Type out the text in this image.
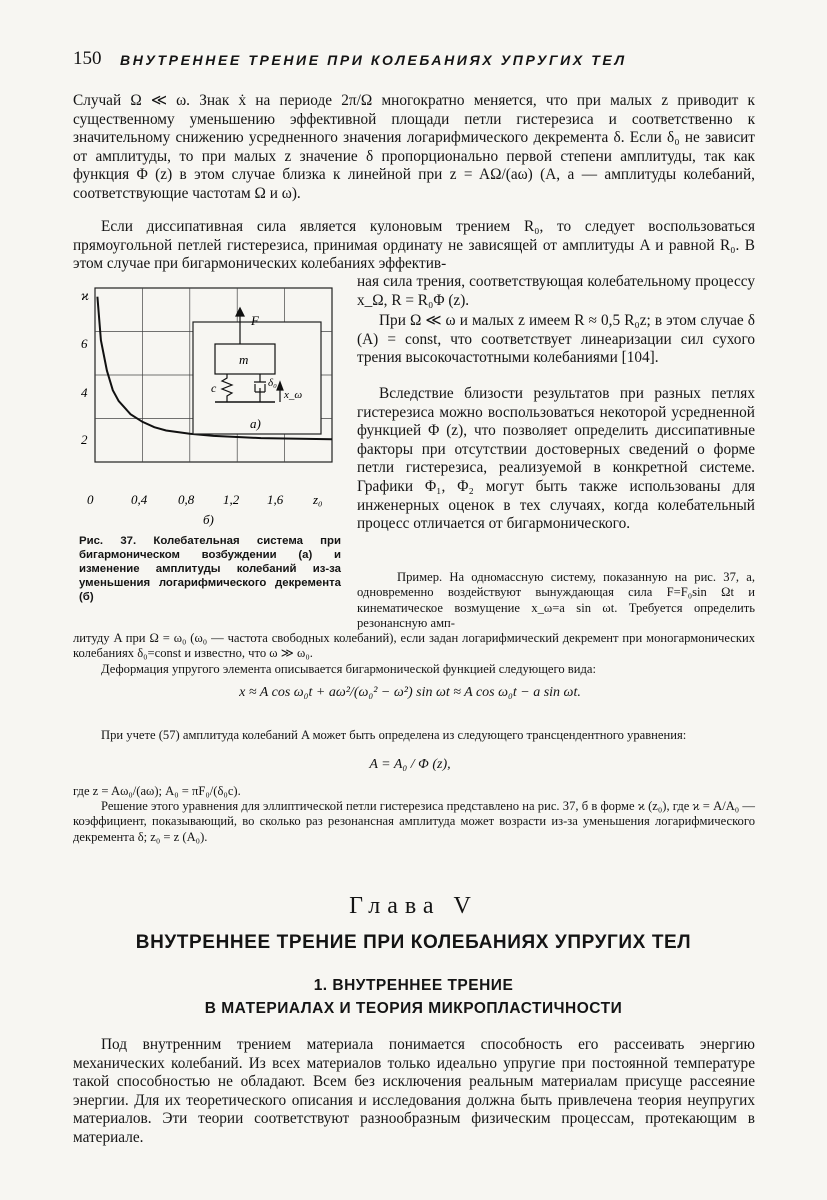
150 ВНУТРЕННЕЕ ТРЕНИЕ ПРИ КОЛЕБАНИЯХ УПРУГИХ ТЕЛ

Случай Ω ≪ ω. Знак ẋ на периоде 2π/Ω многократно меняется, что при малых z приводит к существенному уменьшению эффективной площади петли гистерезиса и соответственно к значительному снижению усредненного значения логарифмического декремента δ. Если δ₀ не зависит от амплитуды, то при малых z значение δ пропорционально первой степени амплитуды, так как функция Φ (z) в этом случае близка к линейной при z = AΩ/(aω) (A, a — амплитуды колебаний, соответствующие частотам Ω и ω).

Если диссипативная сила является кулоновым трением R₀, то следует воспользоваться прямоугольной петлей гистерезиса, принимая ординату не зависящей от амплитуды A и равной R₀. В этом случае при бигармонических колебаниях эффектив-

ная сила трения, соответствующая колебательному процессу x_Ω, R = R₀Φ (z).

При Ω ≪ ω и малых z имеем R ≈ 0,5 R₀z; в этом случае δ (A) = const, что соответствует линеаризации сил сухого трения высокочастотными колебаниями [104].

Вследствие близости результатов при разных петлях гистерезиса можно воспользоваться некоторой усредненной функцией Φ (z), что позволяет определить диссипативные факторы при отсутствии достоверных сведений о форме петли гистерезиса, реализуемой в конкретной системе. Графики Φ₁, Φ₂ могут быть также использованы для инженерных оценок в тех случаях, когда колебательный процесс отличается от бигармонического.

ϰ
6
4
2
0	0,4 0,8 1,2 1,6 z₀
б)
F
m
c	δ₀
x_ω
a)
Рис. 37. Колебательная система при бигармоническом возбуждении (a) и изменение амплитуды колебаний из-за уменьшения логарифмического декремента (б)

Пример. На одномассную систему, показанную на рис. 37, a, одновременно воздействуют вынуждающая сила F=F₀sin Ωt и кинематическое возмущение x_ω=a sin ωt. Требуется определить резонансную амп-

литуду A при Ω = ω₀ (ω₀ — частота свободных колебаний), если задан логарифмический декремент при моногармонических колебаниях δ₀=const и известно, что ω ≫ ω₀.

Деформация упругого элемента описывается бигармонической функцией следующего вида:

x ≈ A cos ω₀t + aω²/(ω₀² − ω²) sin ωt ≈ A cos ω₀t − a sin ωt.

При учете (57) амплитуда колебаний A может быть определена из следующего трансцендентного уравнения:

A = A₀ / Φ (z),

где z = Aω₀/(aω); A₀ = πF₀/(δ₀c).

Решение этого уравнения для эллиптической петли гистерезиса представлено на рис. 37, б в форме ϰ (z₀), где ϰ = A/A₀ — коэффициент, показывающий, во сколько раз резонансная амплитуда может возрасти из-за уменьшения логарифмического декремента δ; z₀ = z (A₀).

Глава V
ВНУТРЕННЕЕ ТРЕНИЕ ПРИ КОЛЕБАНИЯХ УПРУГИХ ТЕЛ
1. ВНУТРЕННЕЕ ТРЕНИЕ
В МАТЕРИАЛАХ И ТЕОРИЯ МИКРОПЛАСТИЧНОСТИ

Под внутренним трением материала понимается способность его рассеивать энергию механических колебаний. Из всех материалов только идеально упругие при постоянной температуре такой способностью не обладают. Всем без исключения реальным материалам присуще рассеяние энергии. Для их теоретического описания и исследования должна быть привлечена теория неупругих материалов. Эти теории соответствуют разнообразным физическим процессам, протекающим в материале.
